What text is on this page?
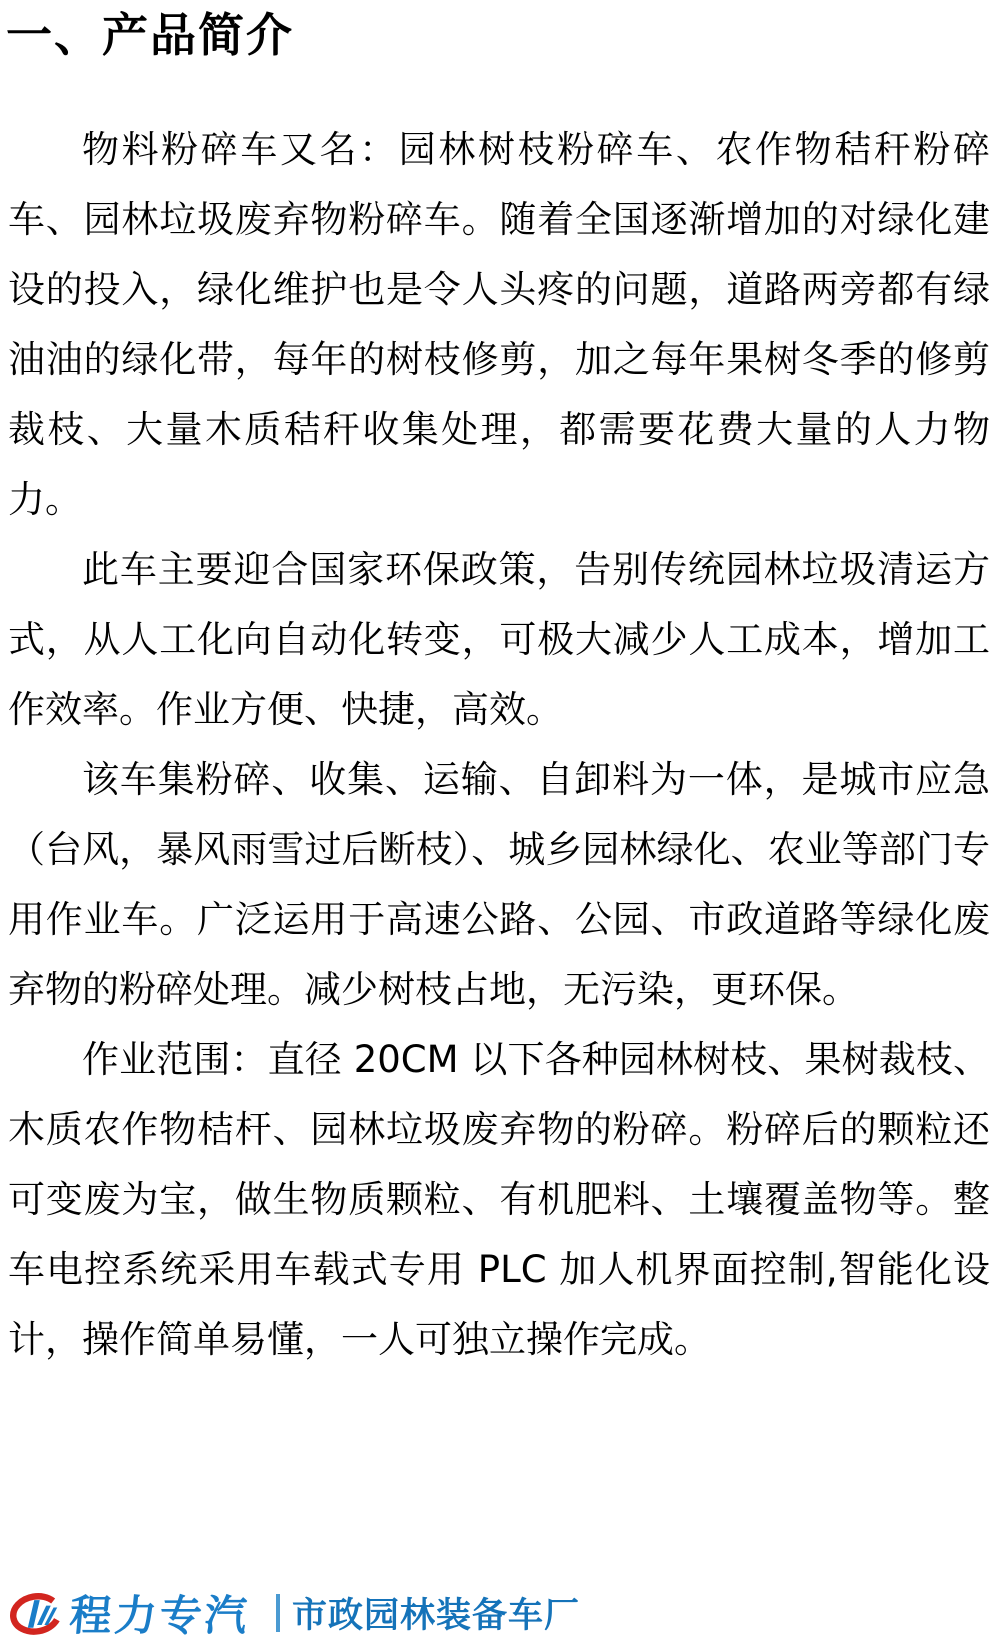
一、产品简介

物料粉碎车又名：园林树枝粉碎车、农作物秸秆粉碎车、园林垃圾废弃物粉碎车。随着全国逐渐增加的对绿化建设的投入，绿化维护也是令人头疼的问题，道路两旁都有绿油油的绿化带，每年的树枝修剪，加之每年果树冬季的修剪裁枝、大量木质秸秆收集处理，都需要花费大量的人力物力。

此车主要迎合国家环保政策，告别传统园林垃圾清运方式，从人工化向自动化转变，可极大减少人工成本，增加工作效率。作业方便、快捷，高效。

该车集粉碎、收集、运输、自卸料为一体，是城市应急（台风，暴风雨雪过后断枝）、城乡园林绿化、农业等部门专用作业车。广泛运用于高速公路、公园、市政道路等绿化废弃物的粉碎处理。减少树枝占地，无污染，更环保。

作业范围：直径 20CM 以下各种园林树枝、果树裁枝、木质农作物桔杆、园林垃圾废弃物的粉碎。粉碎后的颗粒还可变废为宝，做生物质颗粒、有机肥料、土壤覆盖物等。整车电控系统采用车载式专用 PLC 加人机界面控制,智能化设计，操作简单易懂，一人可独立操作完成。

程力专汽 市政园林装备车厂
